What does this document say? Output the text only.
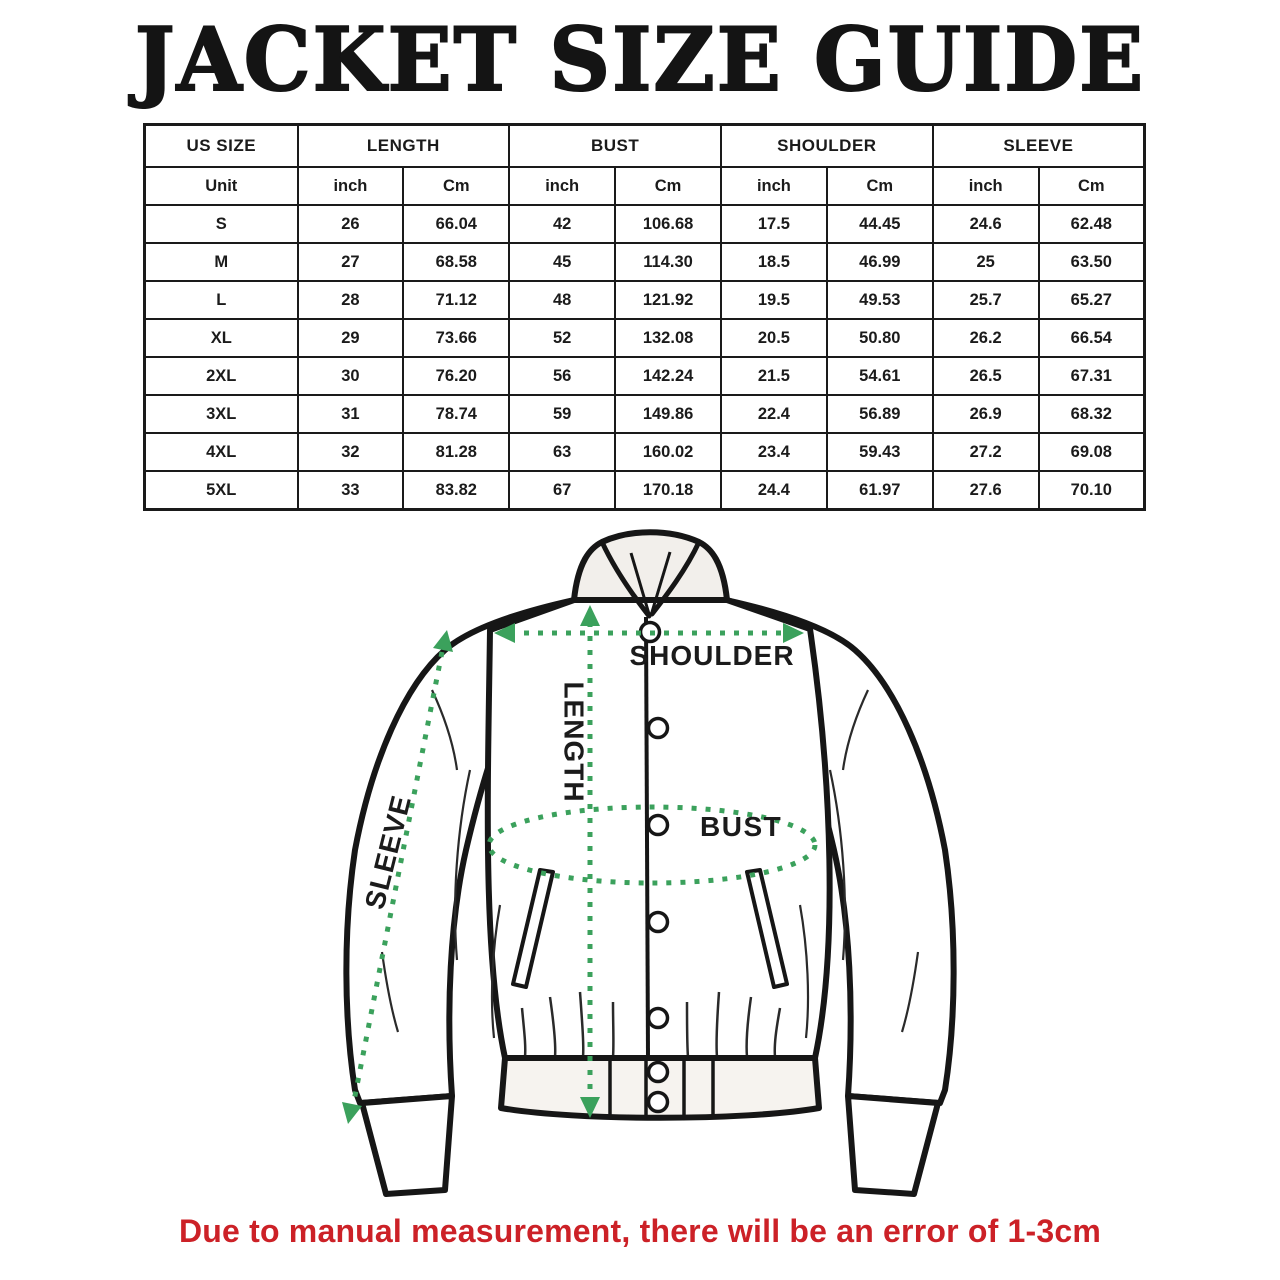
JACKET SIZE GUIDE
US SIZE	LENGTH		BUST		SHOULDER		SLEEVE	
Unit	inch	Cm	inch	Cm	inch	Cm	inch	Cm
S	26	66.04	42	106.68	17.5	44.45	24.6	62.48
M	27	68.58	45	114.30	18.5	46.99	25	63.50
L	28	71.12	48	121.92	19.5	49.53	25.7	65.27
XL	29	73.66	52	132.08	20.5	50.80	26.2	66.54
2XL	30	76.20	56	142.24	21.5	54.61	26.5	67.31
3XL	31	78.74	59	149.86	22.4	56.89	26.9	68.32
4XL	32	81.28	63	160.02	23.4	59.43	27.2	69.08
5XL	33	83.82	67	170.18	24.4	61.97	27.6	70.10
SHOULDER
LENGTH
BUST
SLEEVE
Due to manual measurement, there will be an error of 1-3cm
